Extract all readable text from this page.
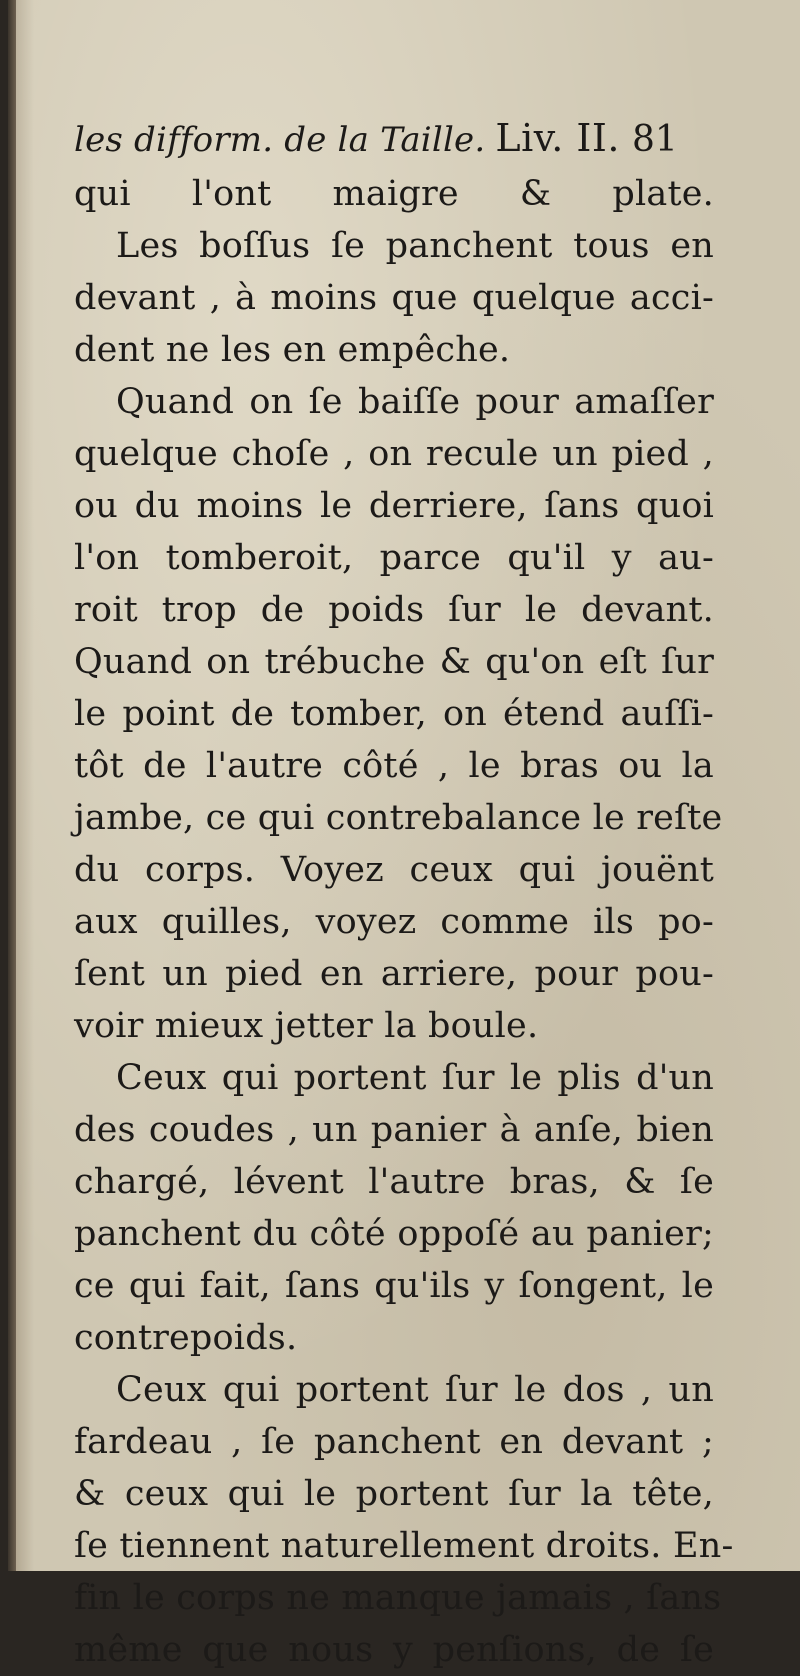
les difform. de la Taille. Liv. II. 81
qui l'ont maigre & plate.
Les boſſus ſe panchent tous en
devant , à moins que quelque acci-
dent ne les en empêche.
Quand on ſe baiſſe pour amaſſer
quelque choſe , on recule un pied ,
ou du moins le derriere, ſans quoi
l'on tomberoit, parce qu'il y au-
roit trop de poids ſur le devant.
Quand on trébuche & qu'on eſt ſur
le point de tomber, on étend auſſi-
tôt de l'autre côté , le bras ou la
jambe, ce qui contrebalance le reſte
du corps. Voyez ceux qui jouënt
aux quilles, voyez comme ils po-
ſent un pied en arriere, pour pou-
voir mieux jetter la boule.
Ceux qui portent ſur le plis d'un
des coudes , un panier à anſe, bien
chargé, lévent l'autre bras, & ſe
panchent du côté oppoſé au panier;
ce qui fait, ſans qu'ils y ſongent, le
contrepoids.
Ceux qui portent ſur le dos , un
fardeau , ſe panchent en devant ;
& ceux qui le portent ſur la tête,
ſe tiennent naturellement droits. En-
fin le corps ne manque jamais , ſans
même que nous y penſions, de ſe
